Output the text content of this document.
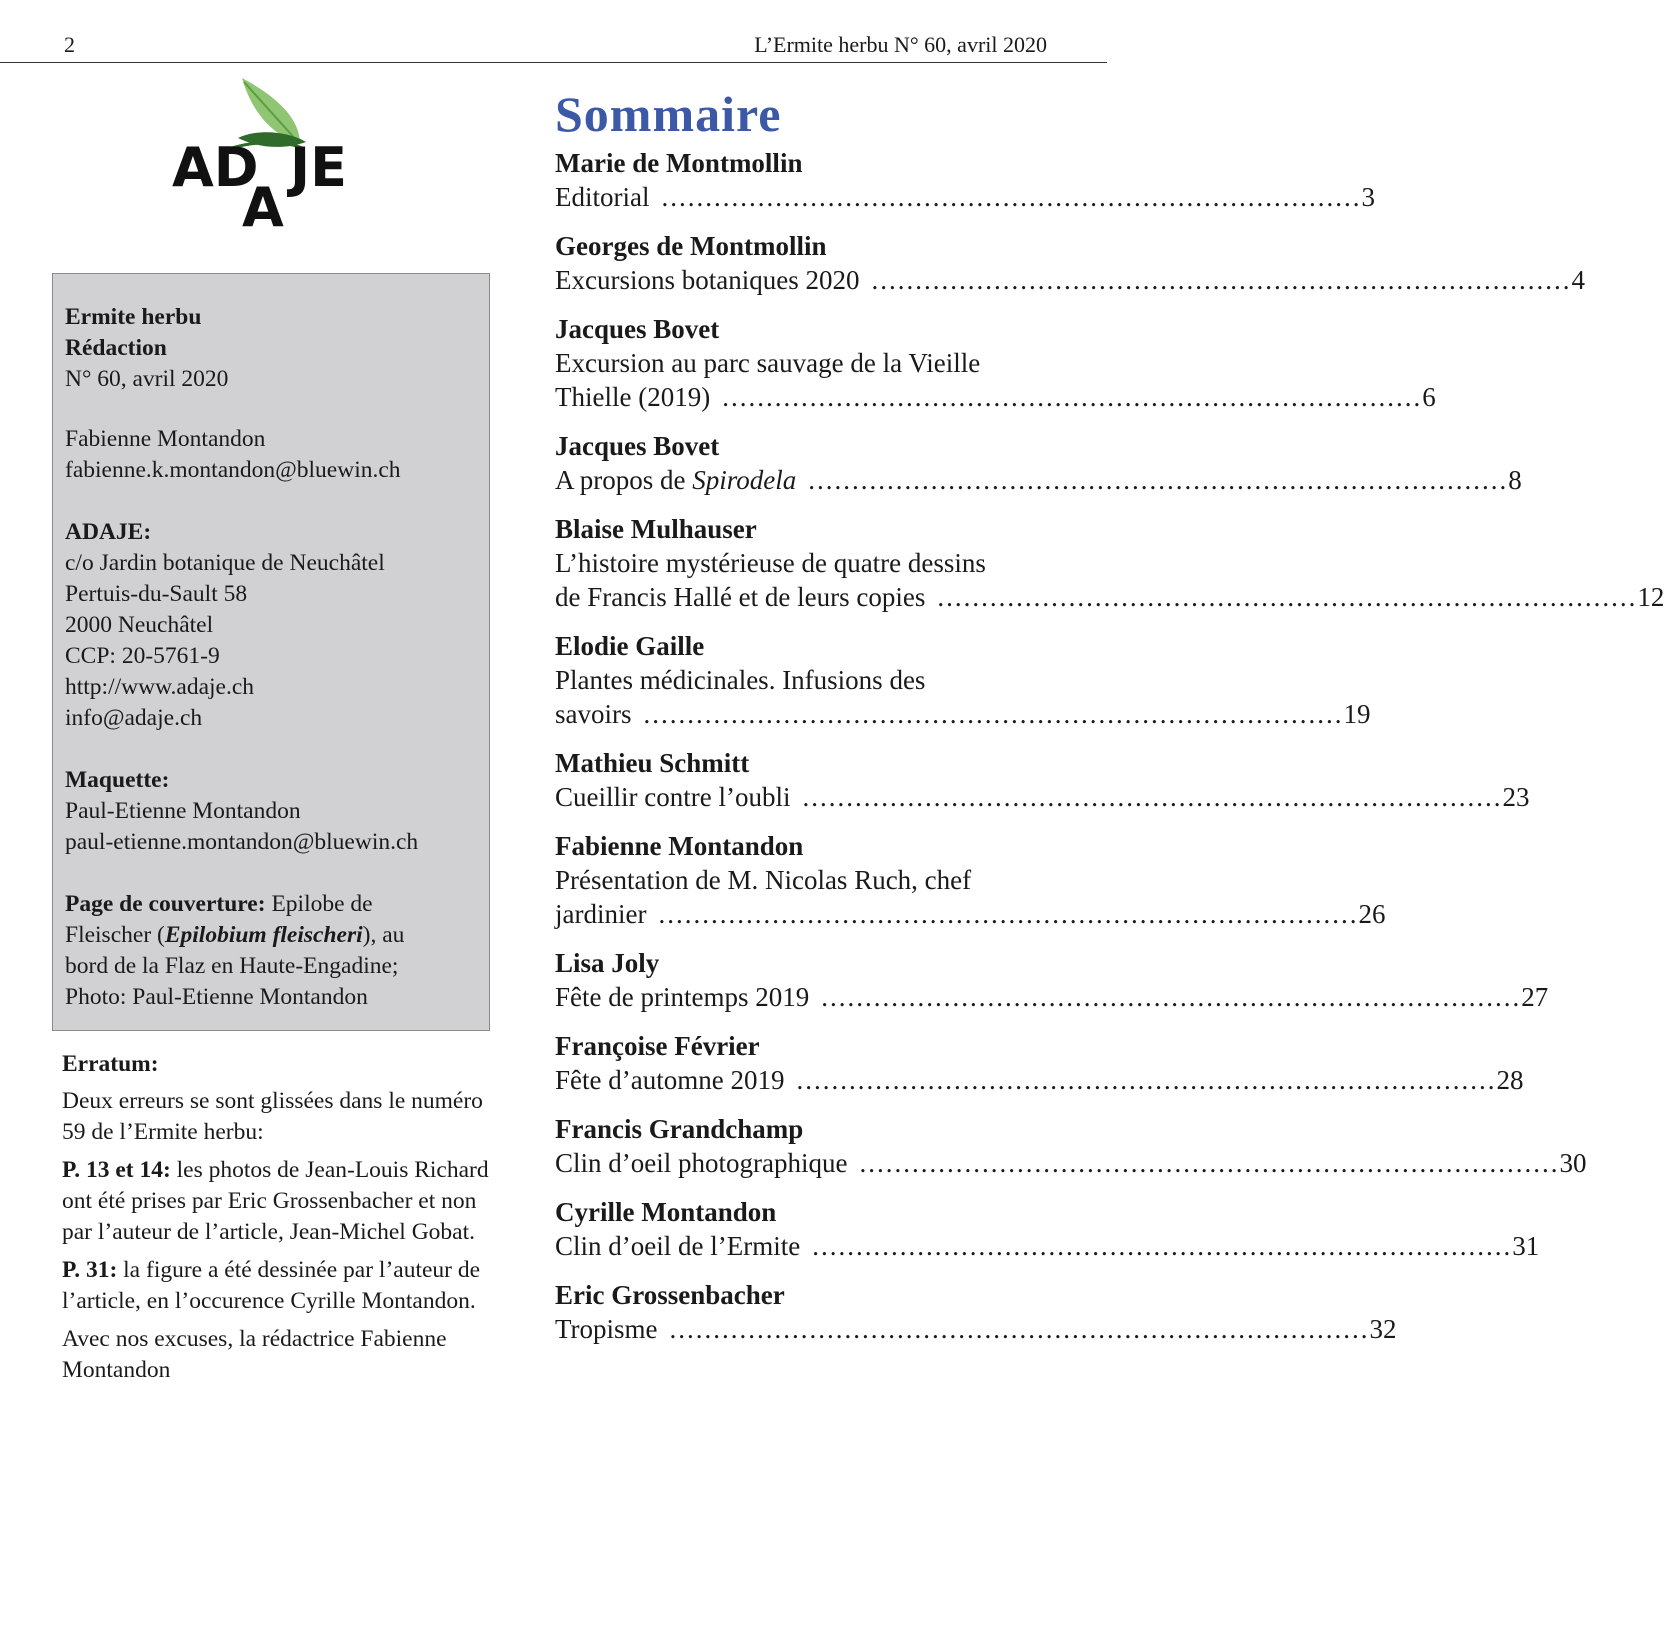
2	L’Ermite herbu N° 60, avril 2020
AD
A
JE

Ermite herbu
Rédaction
N° 60, avril 2020

Fabienne Montandon
fabienne.k.montandon@bluewin.ch

ADAJE:
c/o Jardin botanique de Neuchâtel
Pertuis-du-Sault 58
2000 Neuchâtel
CCP: 20-5761-9
http://www.adaje.ch
info@adaje.ch

Maquette:
Paul-Etienne Montandon
paul-etienne.montandon@bluewin.ch

Page de couverture: Epilobe de
Fleischer (Epilobium fleischeri), au
bord de la Flaz en Haute-Engadine;
Photo: Paul-Etienne Montandon

Erratum:

Deux erreurs se sont glissées dans le numéro 59 de l’Ermite herbu:

P. 13 et 14: les photos de Jean-Louis Richard ont été prises par Eric Grossenbacher et non par l’auteur de l’article, Jean-Michel Gobat.

P. 31: la figure a été dessinée par l’auteur de l’article, en l’occurence Cyrille Montandon.

Avec nos excuses, la rédactrice Fabienne Montandon

Sommaire
Marie de Montmollin
Editorial ................................................................................ 3
Georges de Montmollin
Excursions botaniques 2020 ................................................................................ 4
Jacques Bovet
Excursion au parc sauvage de la Vieille
Thielle (2019) ................................................................................ 6
Jacques Bovet
A propos de Spirodela ................................................................................ 8
Blaise Mulhauser
L’histoire mystérieuse de quatre dessins
de Francis Hallé et de leurs copies ................................................................................ 12
Elodie Gaille
Plantes médicinales. Infusions des
savoirs ................................................................................ 19
Mathieu Schmitt
Cueillir contre l’oubli ................................................................................ 23
Fabienne Montandon
Présentation de M. Nicolas Ruch, chef
jardinier ................................................................................ 26
Lisa Joly
Fête de printemps 2019 ................................................................................ 27
Françoise Février
Fête d’automne 2019 ................................................................................ 28
Francis Grandchamp
Clin d’oeil photographique ................................................................................ 30
Cyrille Montandon
Clin d’oeil de l’Ermite ................................................................................ 31
Eric Grossenbacher
Tropisme ................................................................................ 32
